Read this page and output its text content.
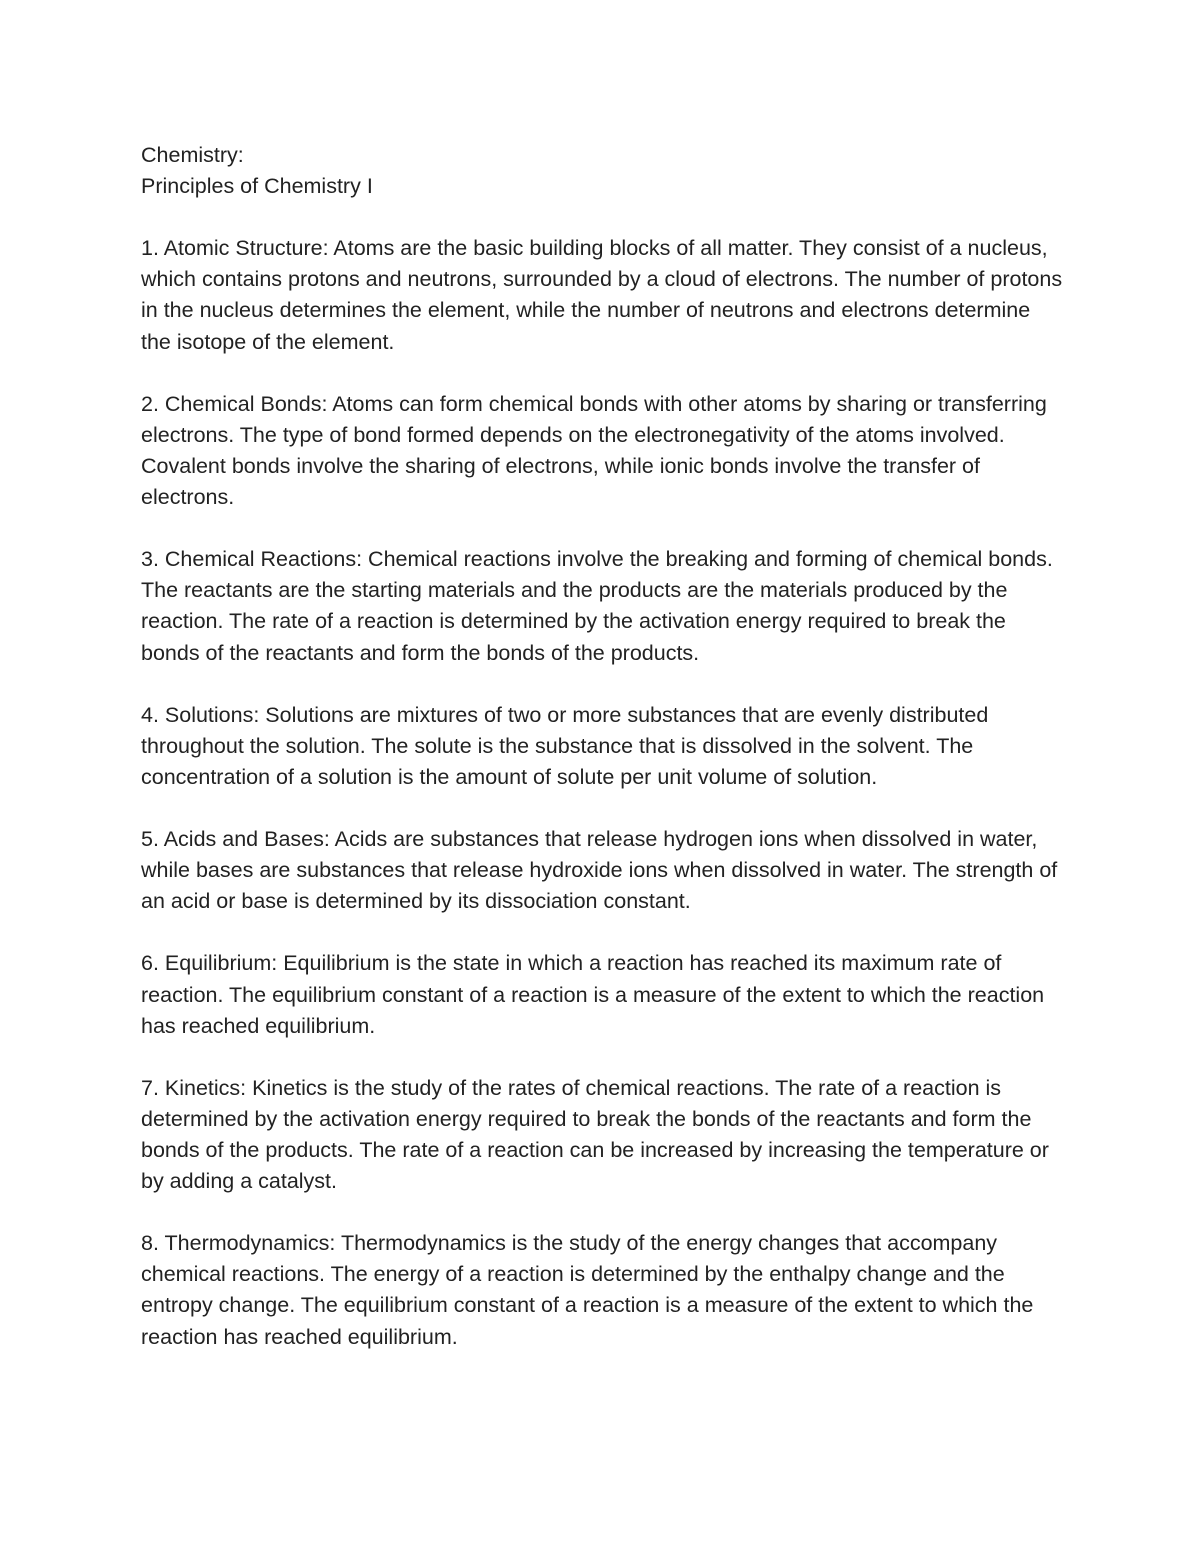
Chemistry:

Principles of Chemistry I

1. Atomic Structure: Atoms are the basic building blocks of all matter. They consist of a nucleus, which contains protons and neutrons, surrounded by a cloud of electrons. The number of protons in the nucleus determines the element, while the number of neutrons and electrons determine the isotope of the element.

2. Chemical Bonds: Atoms can form chemical bonds with other atoms by sharing or transferring electrons. The type of bond formed depends on the electronegativity of the atoms involved. Covalent bonds involve the sharing of electrons, while ionic bonds involve the transfer of electrons.

3. Chemical Reactions: Chemical reactions involve the breaking and forming of chemical bonds. The reactants are the starting materials and the products are the materials produced by the reaction. The rate of a reaction is determined by the activation energy required to break the bonds of the reactants and form the bonds of the products.

4. Solutions: Solutions are mixtures of two or more substances that are evenly distributed throughout the solution. The solute is the substance that is dissolved in the solvent. The concentration of a solution is the amount of solute per unit volume of solution.

5. Acids and Bases: Acids are substances that release hydrogen ions when dissolved in water, while bases are substances that release hydroxide ions when dissolved in water. The strength of an acid or base is determined by its dissociation constant.

6. Equilibrium: Equilibrium is the state in which a reaction has reached its maximum rate of reaction. The equilibrium constant of a reaction is a measure of the extent to which the reaction has reached equilibrium.

7. Kinetics: Kinetics is the study of the rates of chemical reactions. The rate of a reaction is determined by the activation energy required to break the bonds of the reactants and form the bonds of the products. The rate of a reaction can be increased by increasing the temperature or by adding a catalyst.

8. Thermodynamics: Thermodynamics is the study of the energy changes that accompany chemical reactions. The energy of a reaction is determined by the enthalpy change and the entropy change. The equilibrium constant of a reaction is a measure of the extent to which the reaction has reached equilibrium.
